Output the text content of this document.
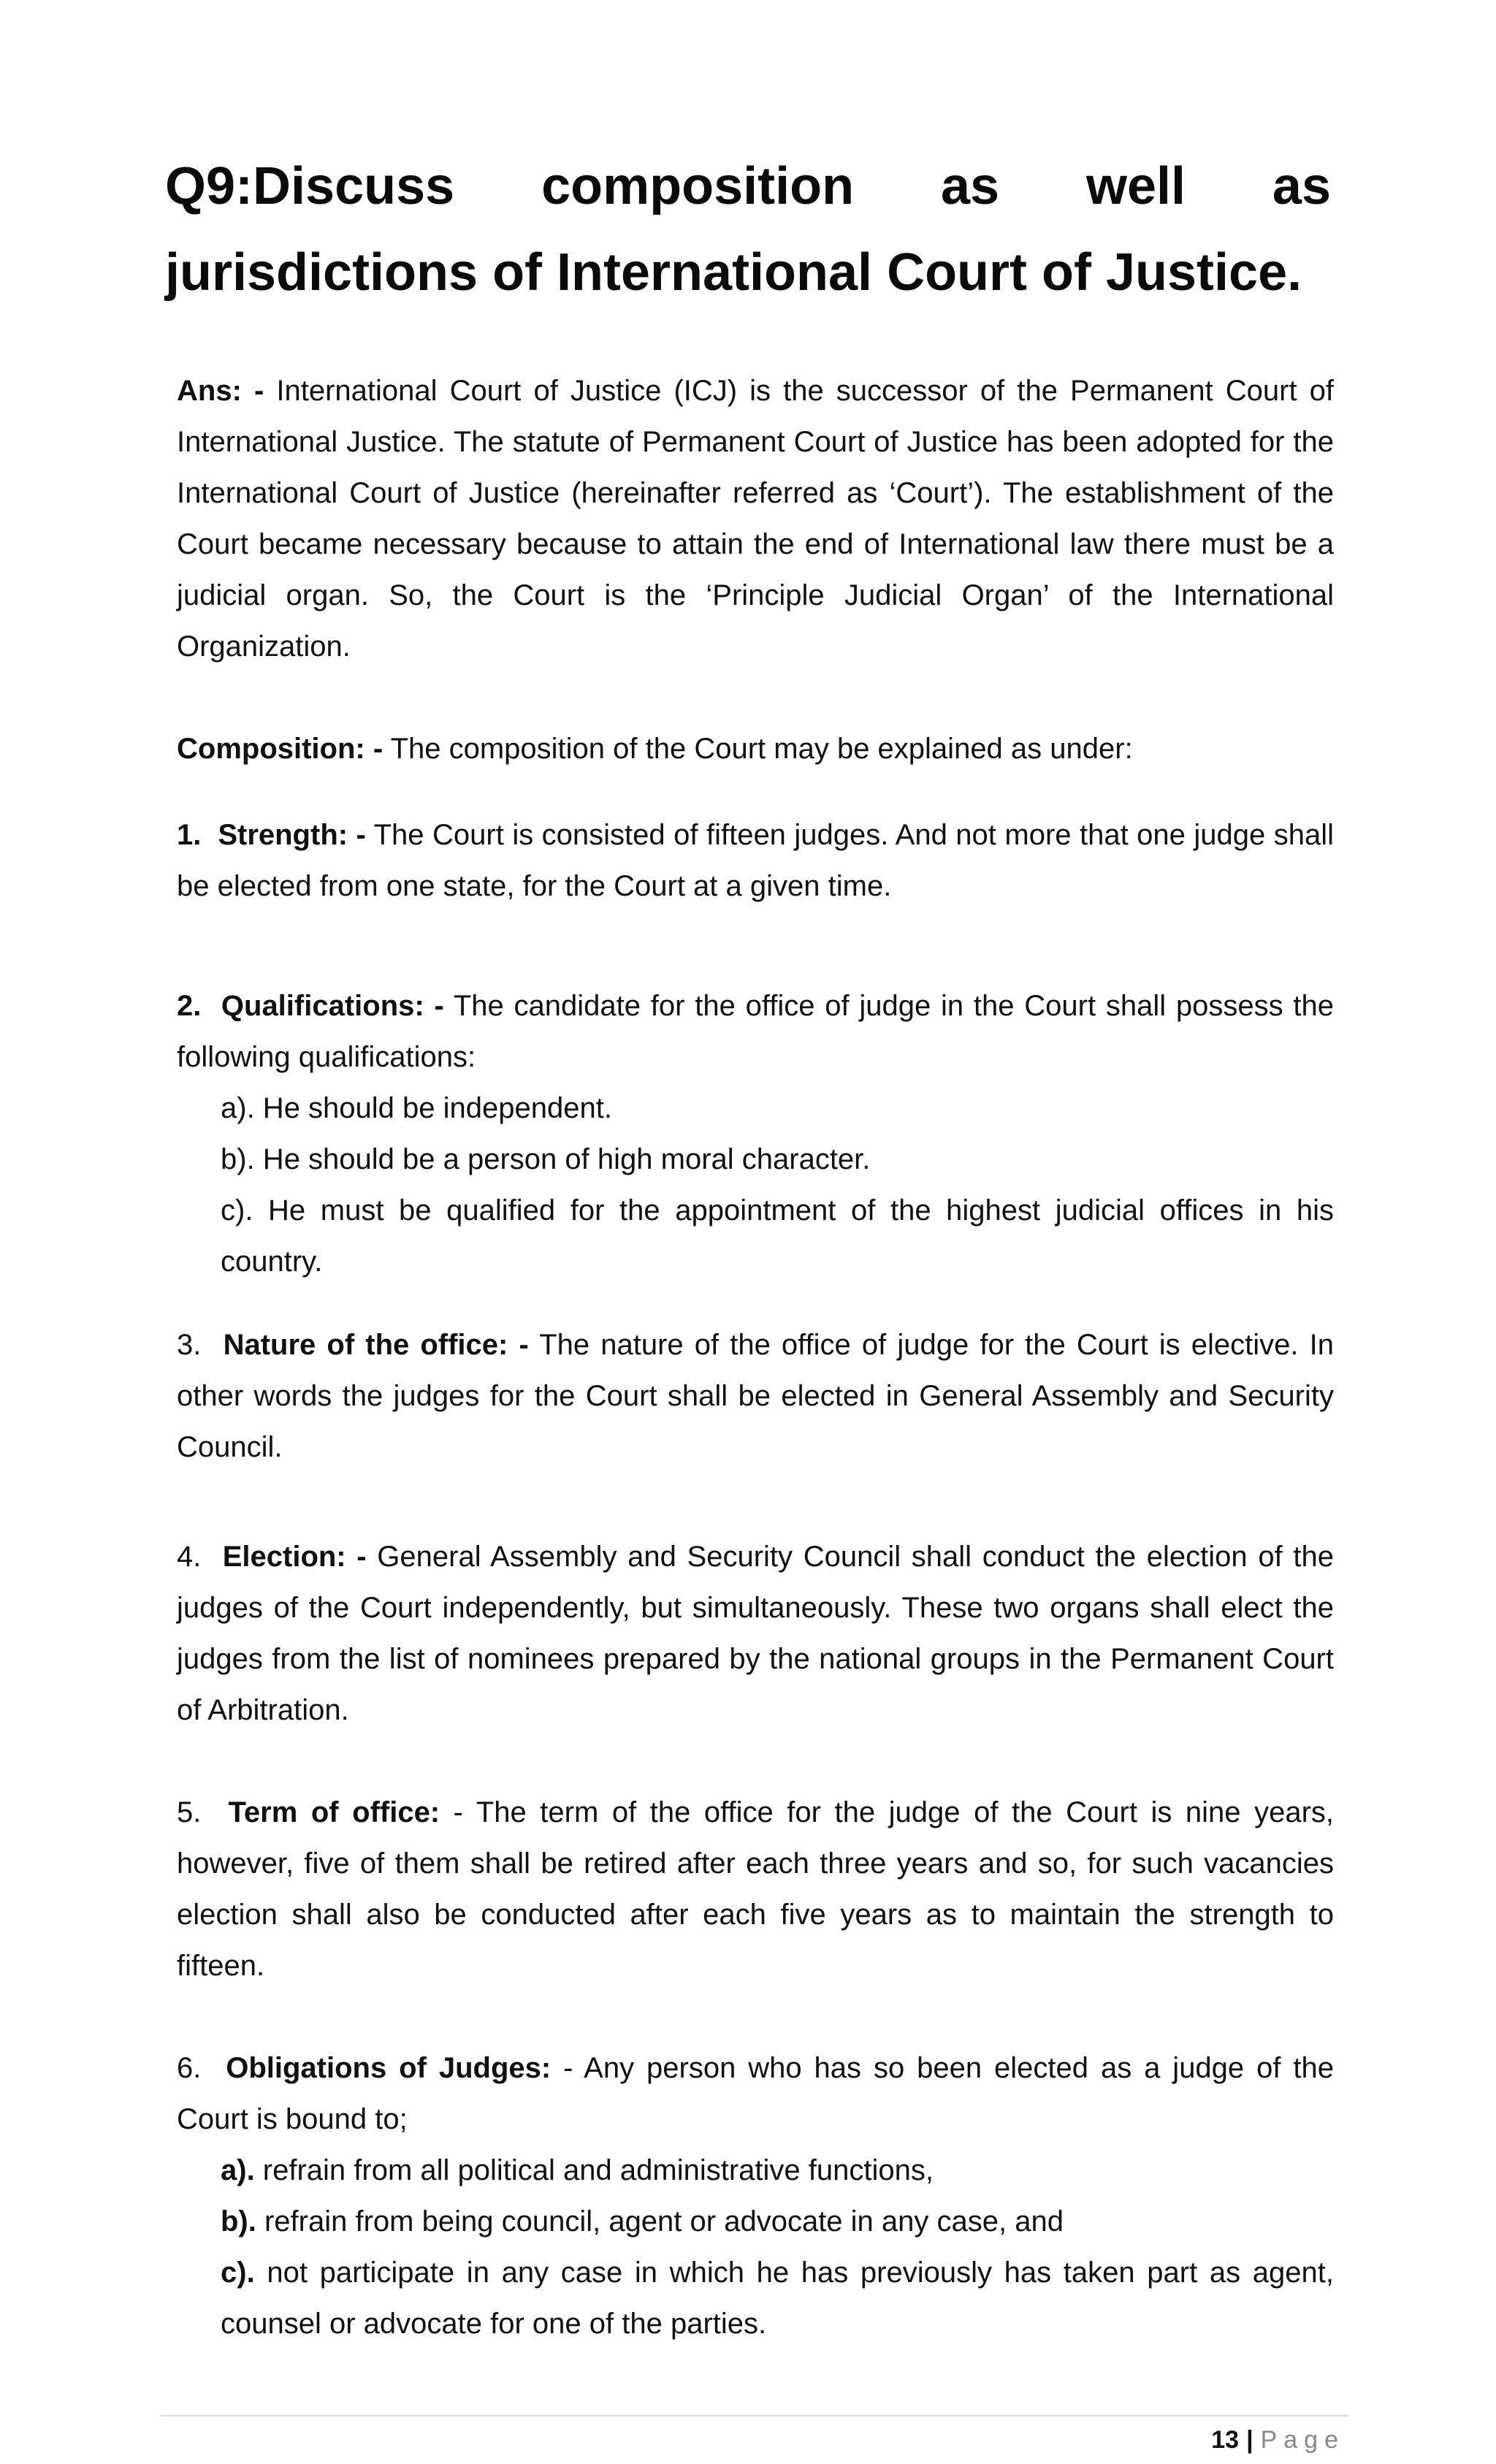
Q9:Discuss composition as well as jurisdictions of International Court of Justice.

Ans: - International Court of Justice (ICJ) is the successor of the Permanent Court of International Justice. The statute of Permanent Court of Justice has been adopted for the International Court of Justice (hereinafter referred as ‘Court’). The establishment of the Court became necessary because to attain the end of International law there must be a judicial organ. So, the Court is the ‘Principle Judicial Organ’ of the International Organization.

Composition: - The composition of the Court may be explained as under:

1. Strength: - The Court is consisted of fifteen judges. And not more that one judge shall be elected from one state, for the Court at a given time.

2. Qualifications: - The candidate for the office of judge in the Court shall possess the following qualifications:

a). He should be independent.

b). He should be a person of high moral character.

c). He must be qualified for the appointment of the highest judicial offices in his country.

3. Nature of the office: - The nature of the office of judge for the Court is elective. In other words the judges for the Court shall be elected in General Assembly and Security Council.

4. Election: - General Assembly and Security Council shall conduct the election of the judges of the Court independently, but simultaneously. These two organs shall elect the judges from the list of nominees prepared by the national groups in the Permanent Court of Arbitration.

5. Term of office: - The term of the office for the judge of the Court is nine years, however, five of them shall be retired after each three years and so, for such vacancies election shall also be conducted after each five years as to maintain the strength to fifteen.

6. Obligations of Judges: - Any person who has so been elected as a judge of the Court is bound to;

a). refrain from all political and administrative functions,

b). refrain from being council, agent or advocate in any case, and

c). not participate in any case in which he has previously has taken part as agent, counsel or advocate for one of the parties.

13 | Page
